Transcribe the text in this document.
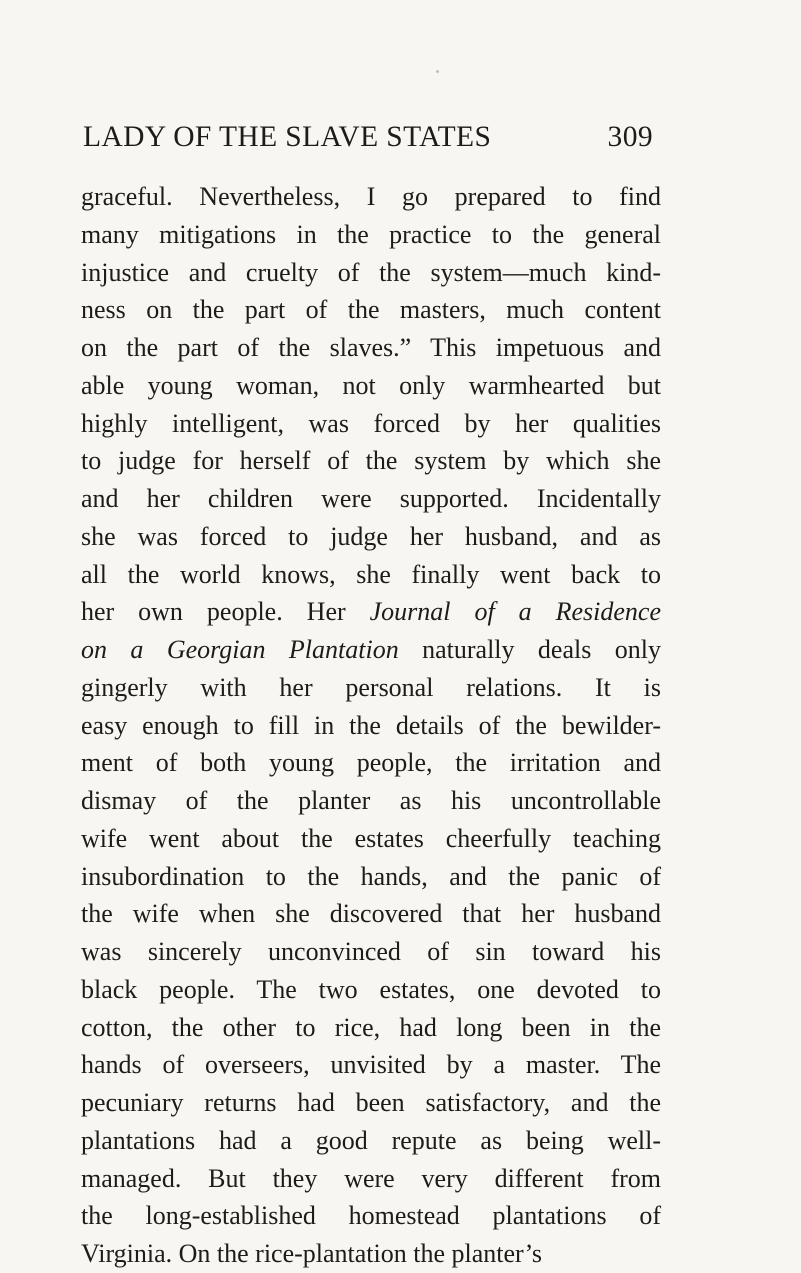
LADY OF THE SLAVE STATES	309
graceful. Nevertheless, I go prepared to find
many mitigations in the practice to the general
injustice and cruelty of the system—much kind-
ness on the part of the masters, much content
on the part of the slaves.” This impetuous and
able young woman, not only warmhearted but
highly intelligent, was forced by her qualities
to judge for herself of the system by which she
and her children were supported. Incidentally
she was forced to judge her husband, and as
all the world knows, she finally went back to
her own people. Her Journal of a Residence
on a Georgian Plantation naturally deals only
gingerly with her personal relations. It is
easy enough to fill in the details of the bewilder-
ment of both young people, the irritation and
dismay of the planter as his uncontrollable
wife went about the estates cheerfully teaching
insubordination to the hands, and the panic of
the wife when she discovered that her husband
was sincerely unconvinced of sin toward his
black people. The two estates, one devoted to
cotton, the other to rice, had long been in the
hands of overseers, unvisited by a master. The
pecuniary returns had been satisfactory, and the
plantations had a good repute as being well-
managed. But they were very different from
the long-established homestead plantations of
Virginia. On the rice-plantation the planter’s
